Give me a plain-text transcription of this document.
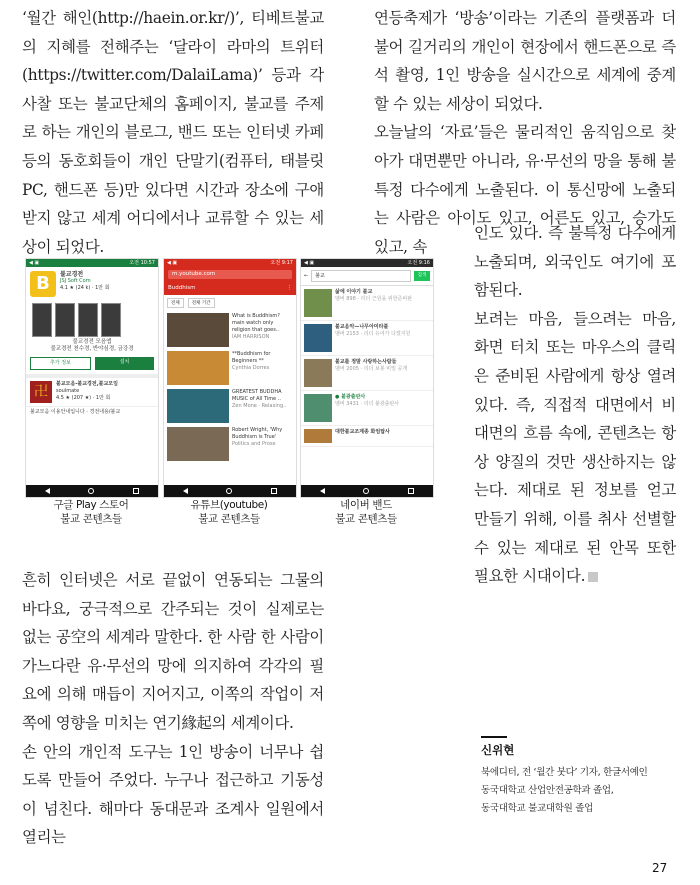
‘월간 해인(http://haein.or.kr/)’, 티베트불교의 지혜를 전해주는 ‘달라이 라마의 트위터(https://twitter.com/DalaiLama)’ 등과 각 사찰 또는 불교단체의 홈페이지, 불교를 주제로 하는 개인의 블로그, 밴드 또는 인터넷 카페 등의 동호회들이 개인 단말기(컴퓨터, 태블릿 PC, 핸드폰 등)만 있다면 시간과 장소에 구애받지 않고 세계 어디에서나 교류할 수 있는 세상이 되었다.

연등축제가 ‘방송’이라는 기존의 플랫폼과 더불어 길거리의 개인이 현장에서 핸드폰으로 즉석 촬영, 1인 방송을 실시간으로 세계에 중계할 수 있는 세상이 되었다.

오늘날의 ‘자료’들은 물리적인 움직임으로 찾아가 대면뿐만 아니라, 유·무선의 망을 통해 불특정 다수에게 노출된다. 이 통신망에 노출되는 사람은 아이도 있고, 어른도 있고, 승가도 있고, 속

인도 있다. 즉 불특정 다수에게 노출되며, 외국인도 여기에 포함된다.

보려는 마음, 들으려는 마음, 화면 터치 또는 마우스의 클릭은 준비된 사람에게 항상 열려 있다. 즉, 직접적 대면에서 비대면의 흐름 속에, 콘텐츠는 항상 양질의 것만 생산하지는 않는다. 제대로 된 정보를 얻고 만들기 위해, 이를 취사 선별할 수 있는 제대로 된 안목 또한 필요한 시대이다.

흔히 인터넷은 서로 끝없이 연동되는 그물의 바다요, 궁극적으로 간주되는 것이 실제로는 없는 공空의 세계라 말한다. 한 사람 한 사람이 가느다란 유·무선의 망에 의지하여 각각의 필요에 의해 매듭이 지어지고, 이쪽의 작업이 저쪽에 영향을 미치는 연기緣起의 세계이다.

손 안의 개인적 도구는 1인 방송이 너무나 쉽도록 만들어 주었다. 누구나 접근하고 기동성이 넘친다. 해마다 동대문과 조계사 일원에서 열리는

◀ ▣	오전 10:57
B	불교경전
JSJ Soft Com
4.1 ★ (24 k) · 1만 회
불교경전 모음앱
불교경전 천수경, 반야심경, 금강경
추가 정보	설치
卍	불교모음-불교경전,불교모임
soulmate
4.5 ★ (207 ★) · 1만 회
불교모음 이용안내입니다 · 경전내용/불교
◀ ▣	오전 9:17
m.youtube.com
Buddhism	⋮
전체	전체 기간
What is Buddhism? main watch only religion that goes..
IAM HARRISON
**Buddhism for Beginners **
Cynthia Dorres
GREATEST BUDDHA MUSIC of All Time ..
Zen Mone · Relaxing..
Robert Wright, 'Why Buddhism is True'
Politics and Prose
◀ ▣	오전 9:16
←	불교	검색
삶에 이야기 불교
멤버 898 · 리더 근원을 위한준비완
불교음악—나무아미타불
멤버 2153 · 리더 유여가 다겠지원
불교를 정말 사랑하는사람들
멤버 2005 · 리더 보봉 비밀 공개
● 불광출판사
멤버 3431 · 리더 불광출판사
대한불교조계종 화엄탑사
구글 Play 스토어
불교 콘텐츠들
유튜브(youtube)
불교 콘텐츠들
네이버 밴드
불교 콘텐츠들
신위현

북에디터, 전 ‘월간 붓다’ 기자, 한글서예인

동국대학교 산업안전공학과 졸업,

동국대학교 불교대학원 졸업

27
